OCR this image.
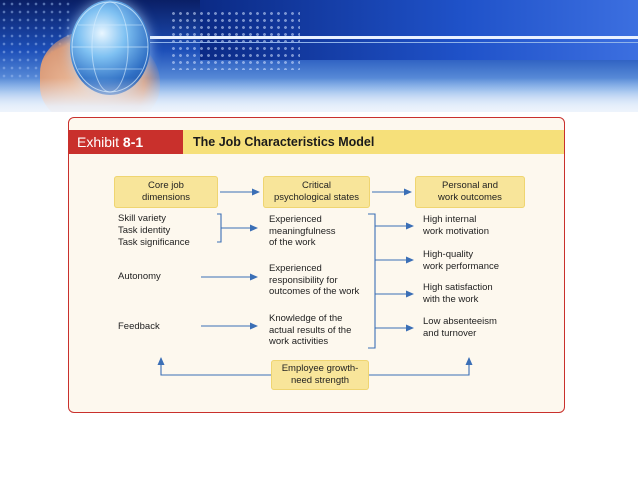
Exhibit 8-1	The Job Characteristics Model
Core job
dimensions
Critical
psychological states
Personal and
work outcomes
Skill variety
Task identity
Task significance
Autonomy
Feedback
Experienced
meaningfulness
of the work
Experienced
responsibility for
outcomes of the work
Knowledge of the
actual results of the
work activities
High internal
work motivation
High-quality
work performance
High satisfaction
with the work
Low absenteeism
and turnover
Employee growth-
need strength
